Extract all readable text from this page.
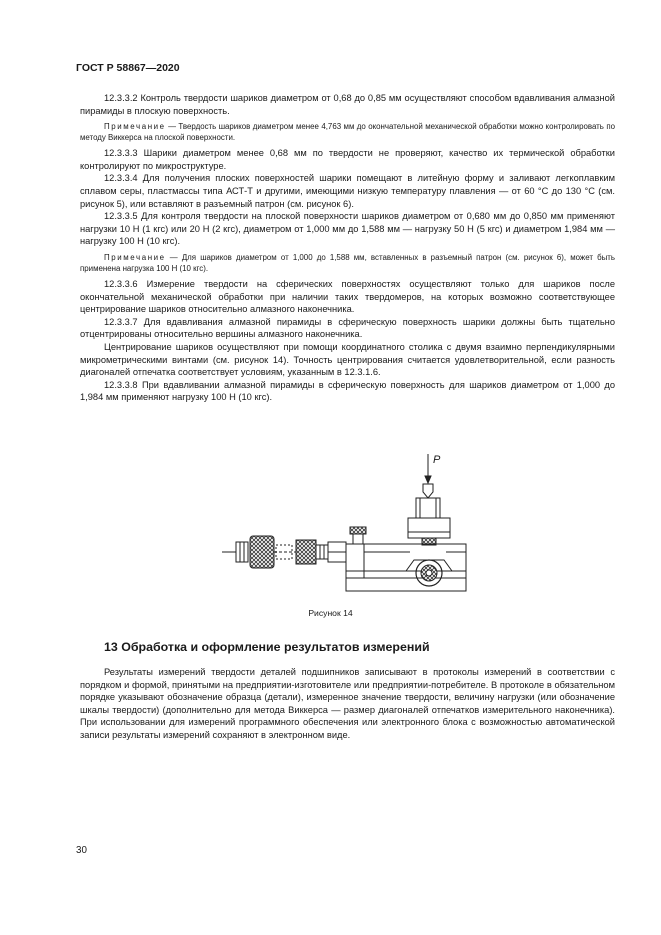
ГОСТ Р 58867—2020

12.3.3.2 Контроль твердости шариков диаметром от 0,68 до 0,85 мм осуществляют способом вдавливания алмазной пирамиды в плоскую поверхность.

Примечание — Твердость шариков диаметром менее 4,763 мм до окончательной механической обработки можно контролировать по методу Виккерса на плоской поверхности.

12.3.3.3 Шарики диаметром менее 0,68 мм по твердости не проверяют, качество их термической обработки контролируют по микроструктуре.

12.3.3.4 Для получения плоских поверхностей шарики помещают в литейную форму и заливают легкоплавким сплавом серы, пластмассы типа АСТ-Т и другими, имеющими низкую температуру плавления — от 60 °С до 130 °С (см. рисунок 5), или вставляют в разъемный патрон (см. рисунок 6).

12.3.3.5 Для контроля твердости на плоской поверхности шариков диаметром от 0,680 мм до 0,850 мм применяют нагрузки 10 Н (1 кгс) или 20 Н (2 кгс), диаметром от 1,000 мм до 1,588 мм — нагрузку 50 Н (5 кгс) и диаметром 1,984 мм — нагрузку 100 Н (10 кгс).

Примечание — Для шариков диаметром от 1,000 до 1,588 мм, вставленных в разъемный патрон (см. рисунок 6), может быть применена нагрузка 100 Н (10 кгс).

12.3.3.6 Измерение твердости на сферических поверхностях осуществляют только для шариков после окончательной механической обработки при наличии таких твердомеров, на которых возможно соответствующее центрирование шариков относительно алмазного наконечника.

12.3.3.7 Для вдавливания алмазной пирамиды в сферическую поверхность шарики должны быть тщательно отцентрированы относительно вершины алмазного наконечника.

Центрирование шариков осуществляют при помощи координатного столика с двумя взаимно перпендикулярными микрометрическими винтами (см. рисунок 14). Точность центрирования считается удовлетворительной, если разность диагоналей отпечатка соответствует условиям, указанным в 12.3.1.6.

12.3.3.8 При вдавливании алмазной пирамиды в сферическую поверхность для шариков диаметром от 1,000 до 1,984 мм применяют нагрузку 100 Н (10 кгс).

P
Рисунок 14
13 Обработка и оформление результатов измерений

Результаты измерений твердости деталей подшипников записывают в протоколы измерений в соответствии с порядком и формой, принятыми на предприятии-изготовителе или предприятии-потребителе. В протоколе в обязательном порядке указывают обозначение образца (детали), измеренное значение твердости, величину нагрузки (или обозначение шкалы твердости) (дополнительно для метода Виккерса — размер диагоналей отпечатков измерительного наконечника). При использовании для измерений программного обеспечения или электронного блока с возможностью автоматической записи результаты измерений сохраняют в электронном виде.

30
